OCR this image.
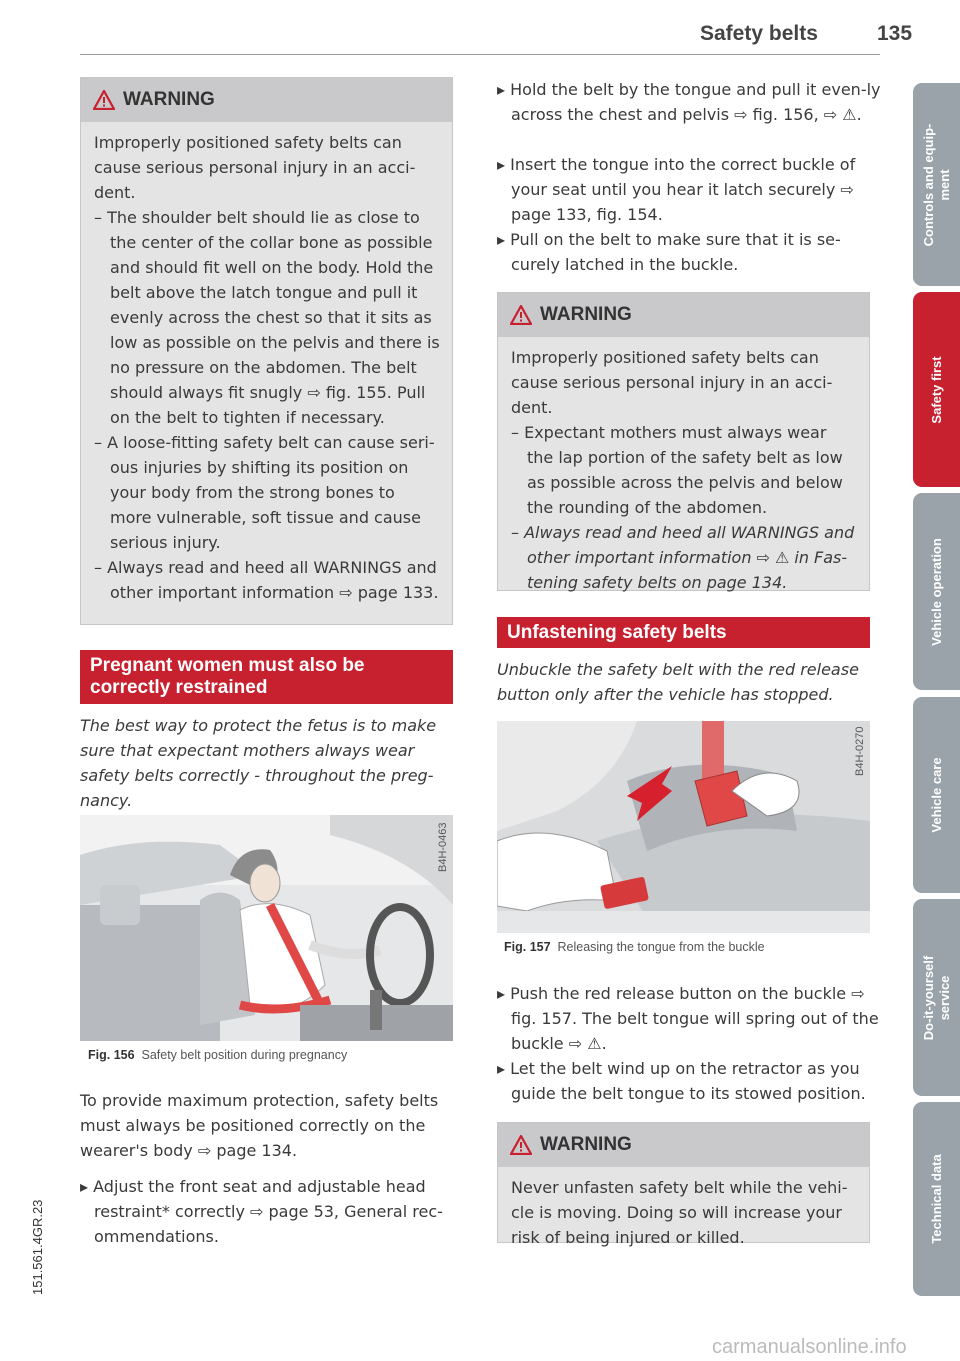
Safety belts	135
Controls and equip-
ment
Safety first
Vehicle operation
Vehicle care
Do-it-yourself
service
Technical data
WARNING

Improperly positioned safety belts can cause serious personal injury in an acci-dent.

– The shoulder belt should lie as close to the center of the collar bone as possible and should fit well on the body. Hold the belt above the latch tongue and pull it evenly across the chest so that it sits as low as possible on the pelvis and there is no pressure on the abdomen. The belt should always fit snugly ⇨ fig. 155. Pull on the belt to tighten if necessary.

– A loose-fitting safety belt can cause seri-ous injuries by shifting its position on your body from the strong bones to more vulnerable, soft tissue and cause serious injury.

– Always read and heed all WARNINGS and other important information ⇨ page 133.

Pregnant women must also be correctly restrained

The best way to protect the fetus is to make sure that expectant mothers always wear safety belts correctly - throughout the preg-nancy.

B4H-0463
Fig. 156 Safety belt position during pregnancy

To provide maximum protection, safety belts must always be positioned correctly on the wearer's body ⇨ page 134.

▸ Adjust the front seat and adjustable head restraint* correctly ⇨ page 53, General rec-ommendations.

▸ Hold the belt by the tongue and pull it even-ly across the chest and pelvis ⇨ fig. 156, ⇨ ⚠.

▸ Insert the tongue into the correct buckle of your seat until you hear it latch securely ⇨ page 133, fig. 154.

▸ Pull on the belt to make sure that it is se-curely latched in the buckle.

WARNING

Improperly positioned safety belts can cause serious personal injury in an acci-dent.

– Expectant mothers must always wear the lap portion of the safety belt as low as possible across the pelvis and below the rounding of the abdomen.

– Always read and heed all WARNINGS and other important information ⇨ ⚠ in Fas-tening safety belts on page 134.

Unfastening safety belts

Unbuckle the safety belt with the red release button only after the vehicle has stopped.

B4H-0270
Fig. 157 Releasing the tongue from the buckle

▸ Push the red release button on the buckle ⇨ fig. 157. The belt tongue will spring out of the buckle ⇨ ⚠.

▸ Let the belt wind up on the retractor as you guide the belt tongue to its stowed position.

WARNING

Never unfasten safety belt while the vehi-cle is moving. Doing so will increase your risk of being injured or killed.

151.561.4GR.23
carmanualsonline.info
